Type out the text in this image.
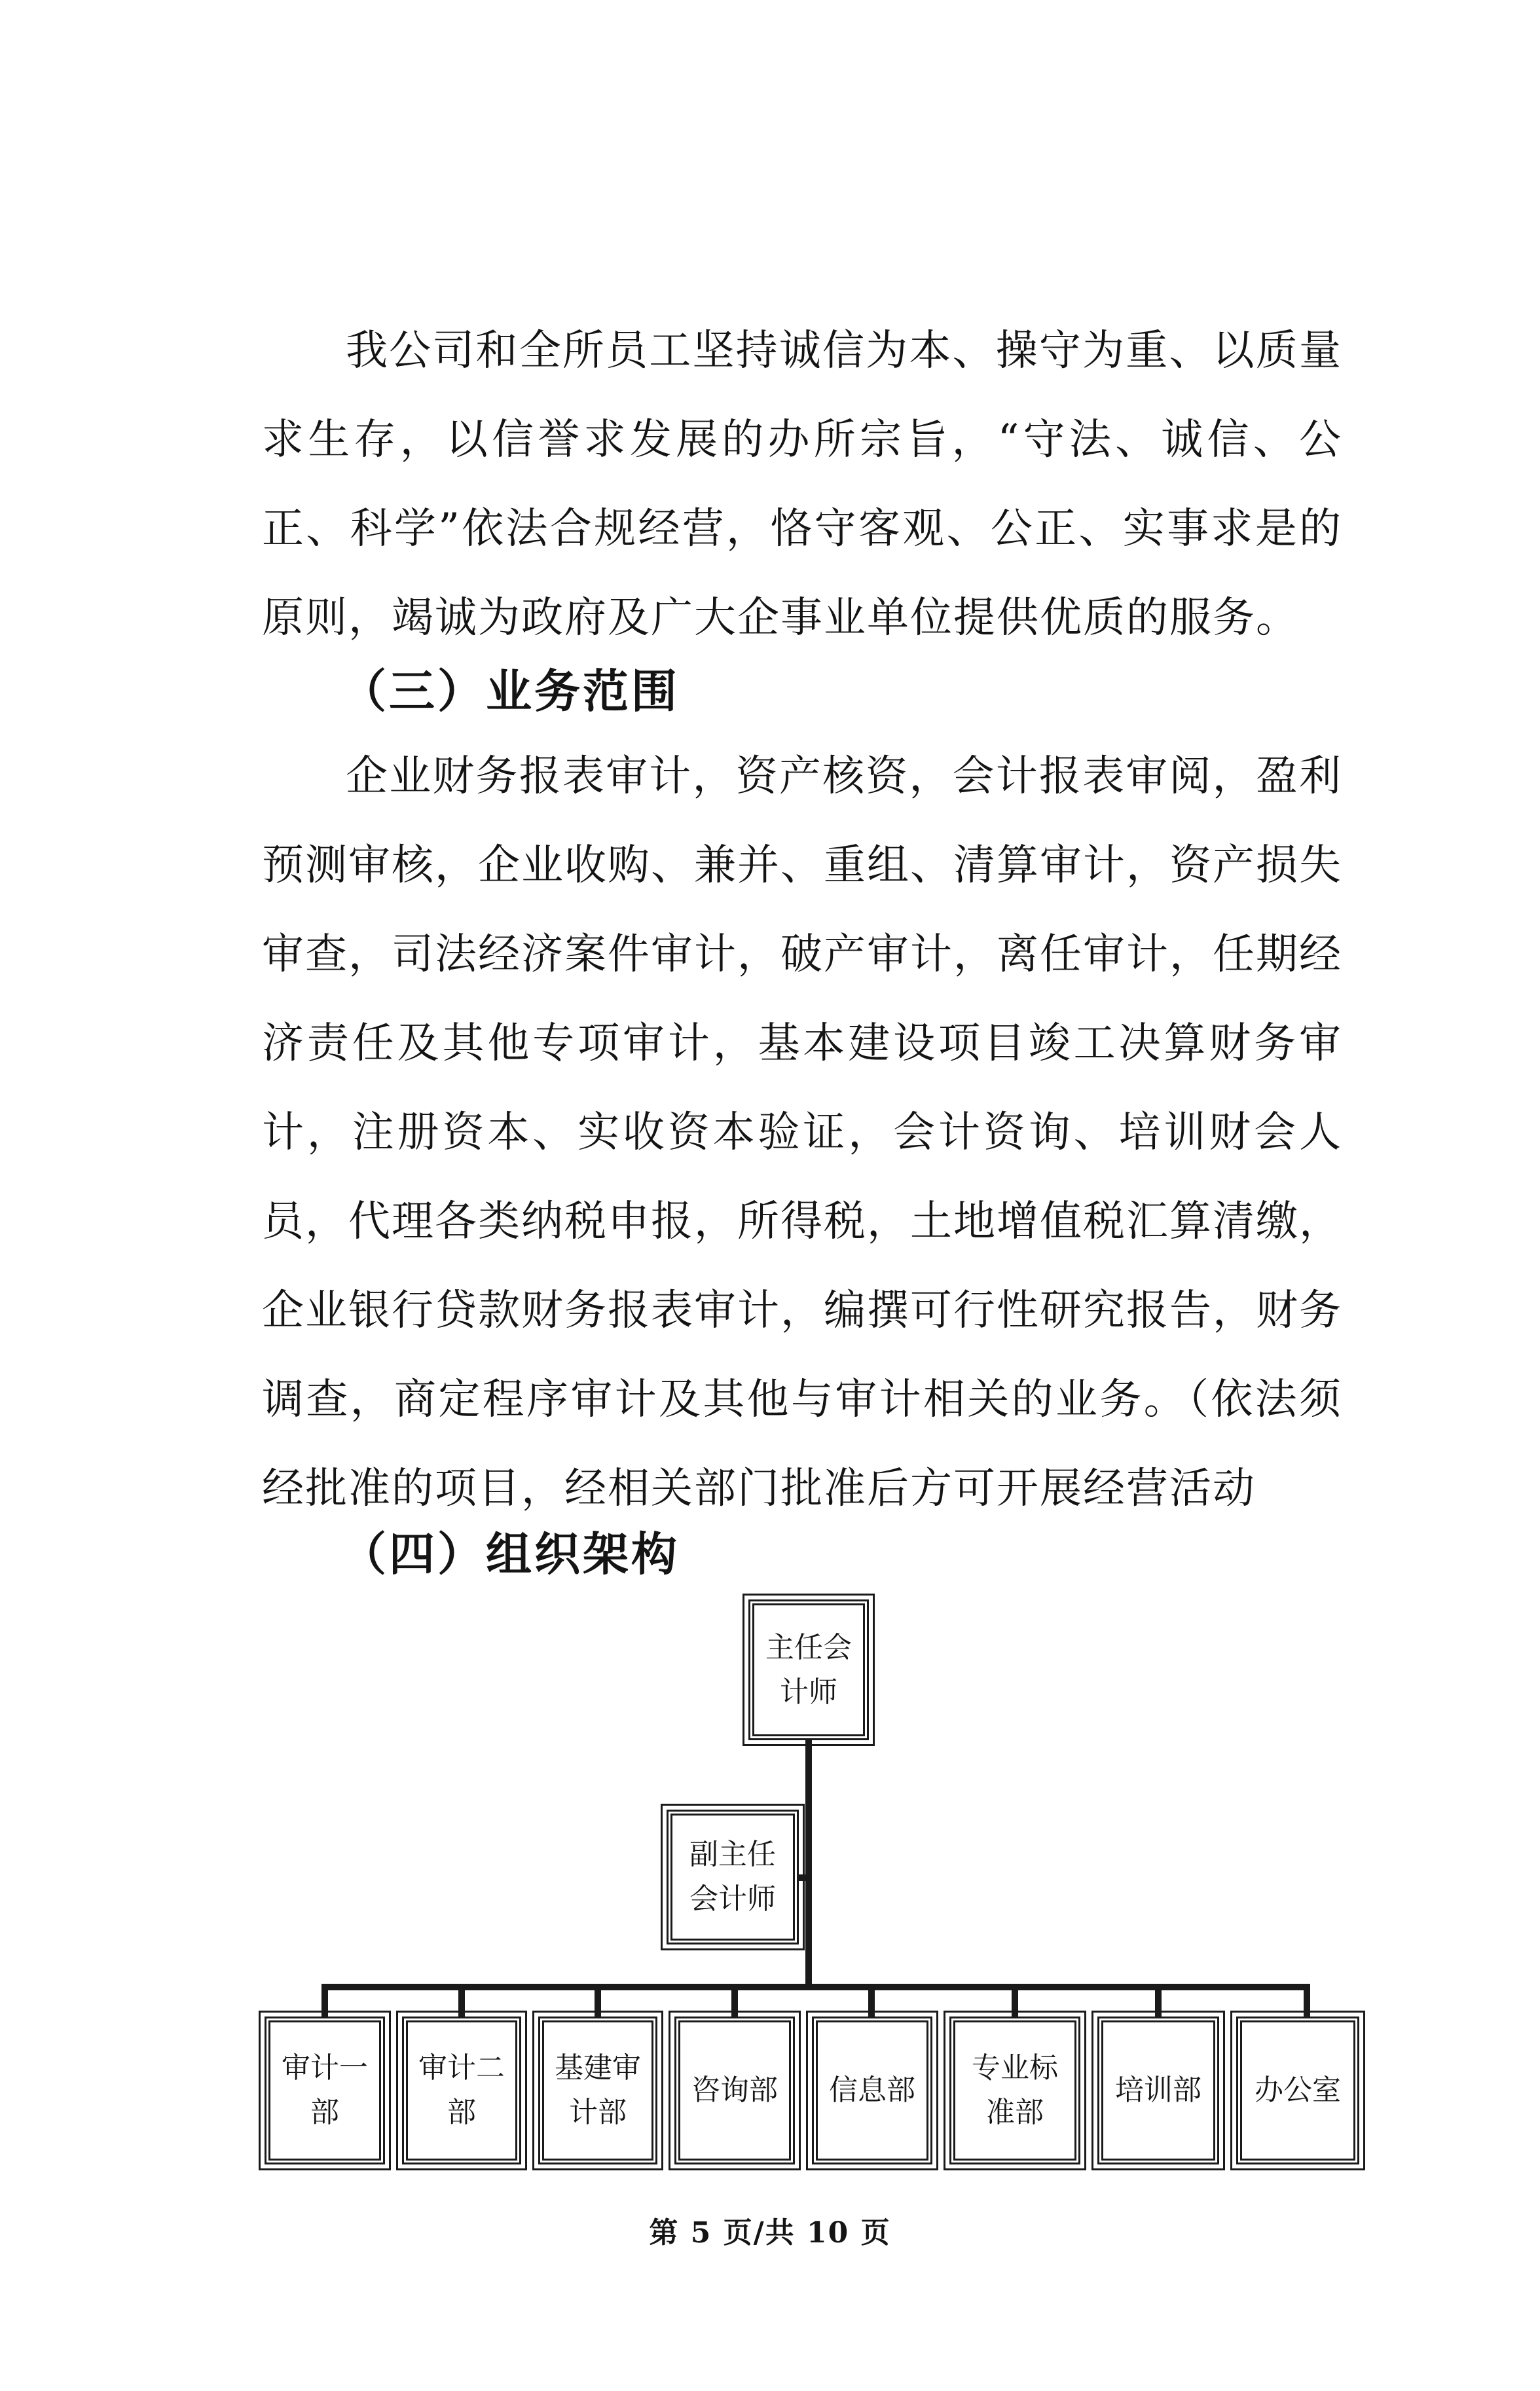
我公司和全所员工坚持诚信为本、操守为重、以质量求生存，以信誉求发展的办所宗旨，“守法、诚信、公正、科学”依法合规经营，恪守客观、公正、实事求是的原则，竭诚为政府及广大企事业单位提供优质的服务。

（三）业务范围

企业财务报表审计，资产核资，会计报表审阅，盈利预测审核，企业收购、兼并、重组、清算审计，资产损失审查，司法经济案件审计，破产审计，离任审计，任期经济责任及其他专项审计，基本建设项目竣工决算财务审计，注册资本、实收资本验证，会计资询、培训财会人员，代理各类纳税申报，所得税，土地增值税汇算清缴，企业银行贷款财务报表审计，编撰可行性研究报告，财务调查，商定程序审计及其他与审计相关的业务。（依法须经批准的项目，经相关部门批准后方可开展经营活动

（四）组织架构
主任会
计师
副主任
会计师
审计一
部
审计二
部
基建审
计部
咨询部 信息部
专业标
准部
培训部 办公室
第 5 页/共 10 页
